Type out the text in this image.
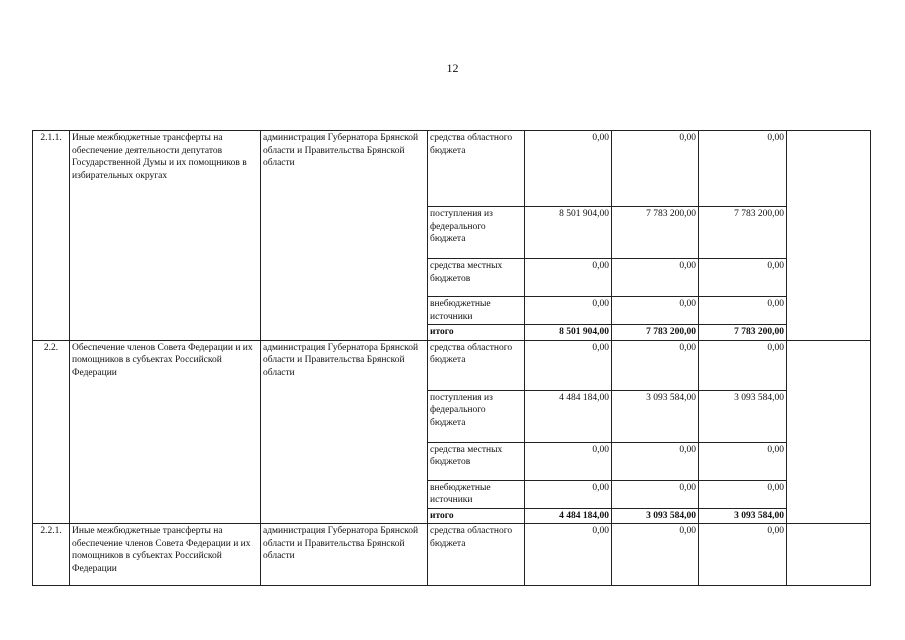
12
2.1.1.	Иные межбюджетные трансферты на обеспечение деятельности депутатов Государственной Думы и их помощников в избирательных округах	администрация Губернатора Брянской области и Правительства Брянской области	средства областного бюджета	0,00	0,00	0,00	
			поступления из федерального бюджета	8 501 904,00	7 783 200,00	7 783 200,00	
			средства местных бюджетов	0,00	0,00	0,00	
			внебюджетные источники	0,00	0,00	0,00	
			итого	8 501 904,00	7 783 200,00	7 783 200,00	
2.2.	Обеспечение членов Совета Федерации и их помощников в субъектах Российской Федерации	администрация Губернатора Брянской области и Правительства Брянской области	средства областного бюджета	0,00	0,00	0,00	
			поступления из федерального бюджета	4 484 184,00	3 093 584,00	3 093 584,00	
			средства местных бюджетов	0,00	0,00	0,00	
			внебюджетные источники	0,00	0,00	0,00	
			итого	4 484 184,00	3 093 584,00	3 093 584,00	
2.2.1.	Иные межбюджетные трансферты на обеспечение членов Совета Федерации и их помощников в субъектах Российской Федерации	администрация Губернатора Брянской области и Правительства Брянской области	средства областного бюджета	0,00	0,00	0,00	
